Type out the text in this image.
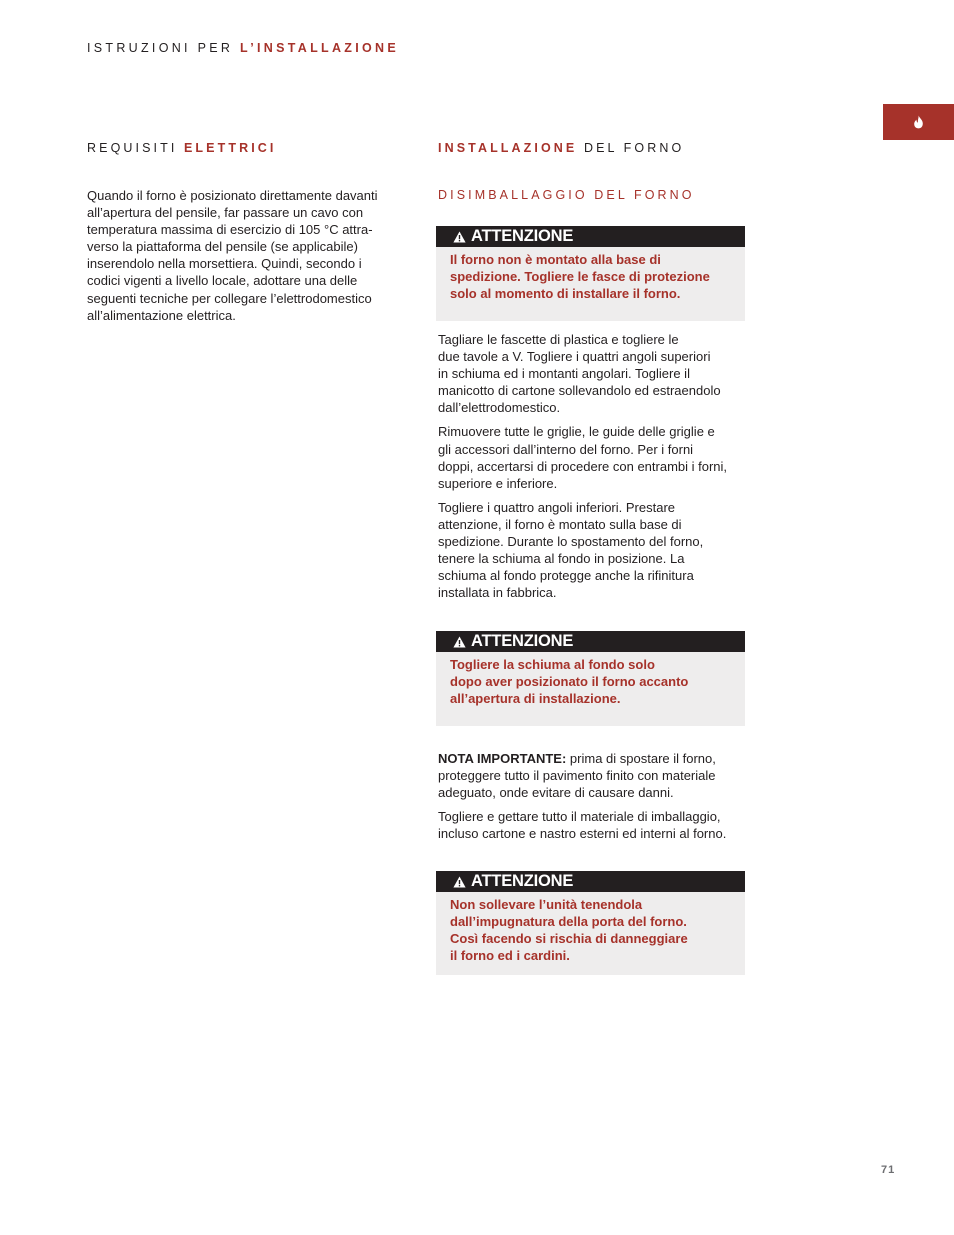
ISTRUZIONI PER L’INSTALLAZIONE
REQUISITI ELETTRICI
Quando il forno è posizionato direttamente davanti
all’apertura del pensile, far passare un cavo con
temperatura massima di esercizio di 105 °C attra-
verso la piattaforma del pensile (se applicabile)
inserendolo nella morsettiera. Quindi, secondo i
codici vigenti a livello locale, adottare una delle
seguenti tecniche per collegare l’elettrodomestico
all’alimentazione elettrica.
INSTALLAZIONE DEL FORNO
DISIMBALLAGGIO DEL FORNO
ATTENZIONE
Il forno non è montato alla base di
spedizione. Togliere le fasce di protezione
solo al momento di installare il forno.

Tagliare le fascette di plastica e togliere le
due tavole a V. Togliere i quattri angoli superiori
in schiuma ed i montanti angolari. Togliere il
manicotto di cartone sollevandolo ed estraendolo
dall’elettrodomestico.

Rimuovere tutte le griglie, le guide delle griglie e
gli accessori dall’interno del forno. Per i forni
doppi, accertarsi di procedere con entrambi i forni,
superiore e inferiore.

Togliere i quattro angoli inferiori. Prestare
attenzione, il forno è montato sulla base di
spedizione. Durante lo spostamento del forno,
tenere la schiuma al fondo in posizione. La
schiuma al fondo protegge anche la rifinitura
installata in fabbrica.

ATTENZIONE
Togliere la schiuma al fondo solo
dopo aver posizionato il forno accanto
all’apertura di installazione.

NOTA IMPORTANTE: prima di spostare il forno,
proteggere tutto il pavimento finito con materiale
adeguato, onde evitare di causare danni.

Togliere e gettare tutto il materiale di imballaggio,
incluso cartone e nastro esterni ed interni al forno.

ATTENZIONE
Non sollevare l’unità tenendola
dall’impugnatura della porta del forno.
Così facendo si rischia di danneggiare
il forno ed i cardini.
71
